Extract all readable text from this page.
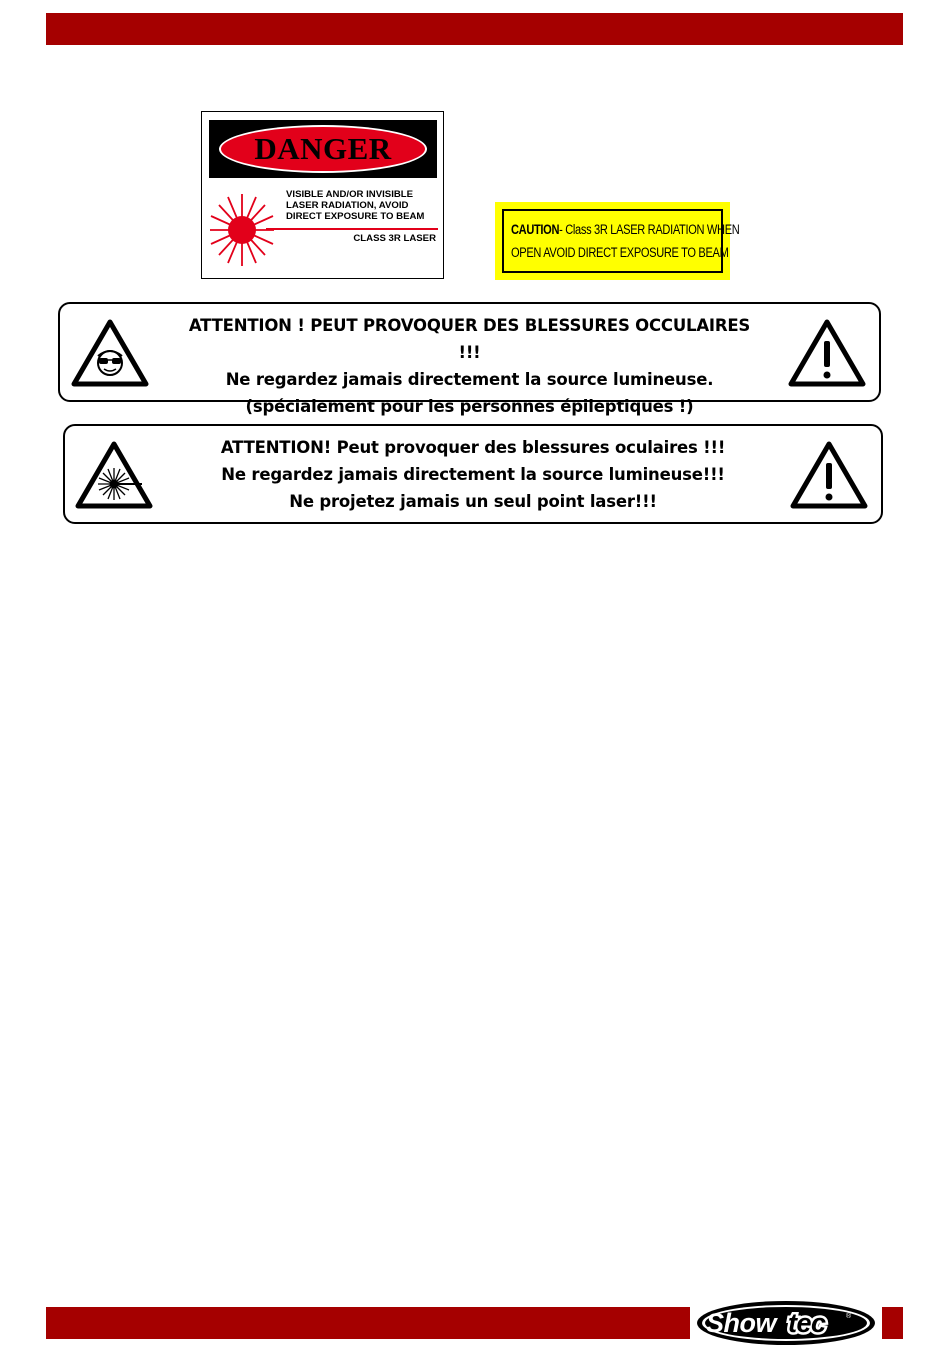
DANGER
VISIBLE AND/OR INVISIBLE
LASER RADIATION, AVOID
DIRECT EXPOSURE TO BEAM
CLASS 3R LASER
CAUTION- Class 3R LASER RADIATION WHEN
OPEN AVOID DIRECT EXPOSURE TO BEAM
ATTENTION ! PEUT PROVOQUER DES BLESSURES OCCULAIRES !!!
Ne regardez jamais directement la source lumineuse.
(spécialement pour les personnes épileptiques !)
ATTENTION! Peut provoquer des blessures oculaires !!!
Ne regardez jamais directement la source lumineuse!!!
Ne projetez jamais un seul point laser!!!
Show tec	®
